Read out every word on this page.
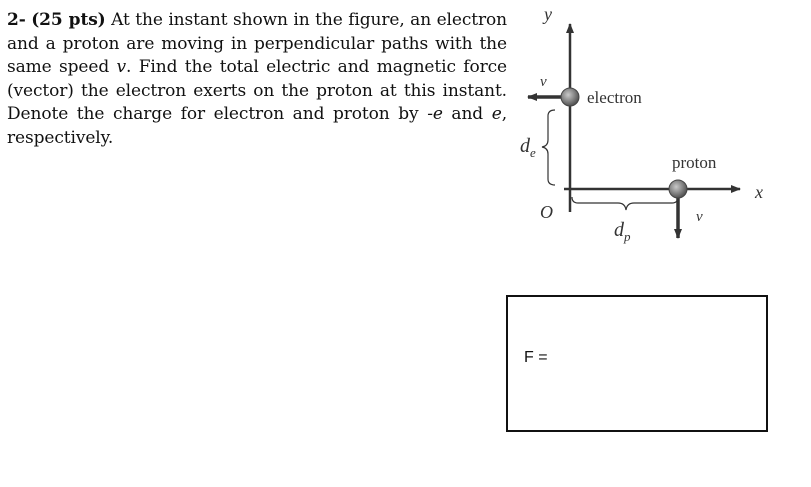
2- (25 pts) At the instant shown in the figure, an electron and a proton are moving in perpendicular paths with the same speed v. Find the total electric and magnetic force (vector) the electron exerts on the proton at this instant. Denote the charge for electron and proton by -e and e, respectively.
y
x
O
v
electron
$d_e$
$d_p$
proton
v
F =
